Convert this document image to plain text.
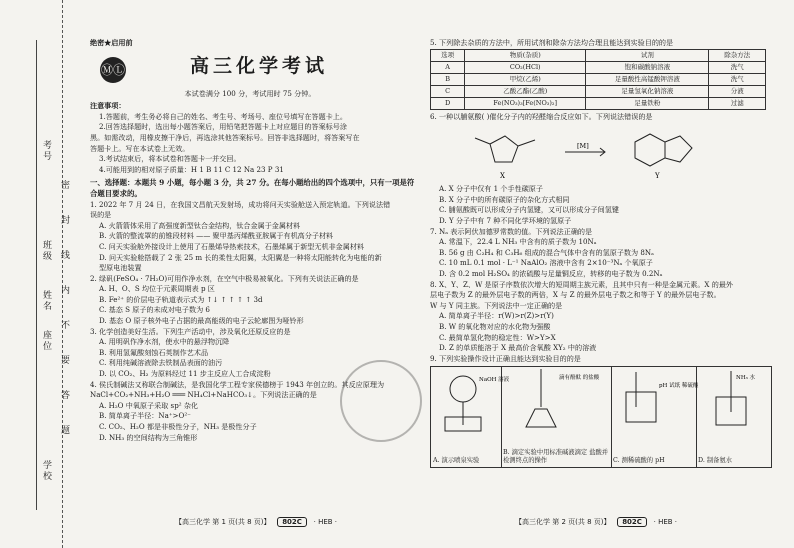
考号
班级
姓名
座位
学校
密
封
线
内
不
要
答
题

绝密★启用前

ⓂⓁ	高三化学考试

本试卷满分 100 分，考试用时 75 分钟。

注意事项：

1.答题前，考生务必将自己的姓名、考生号、考场号、座位号填写在答题卡上。

2.回答选择题时，选出每小题答案后，用铅笔把答题卡上对应题目的答案标号涂

黑。如需改动，用橡皮擦干净后，再选涂其他答案标号。回答非选择题时，将答案写在

答题卡上。写在本试卷上无效。

3.考试结束后，将本试卷和答题卡一并交回。

4.可能用到的相对原子质量：H 1 B 11 C 12 Na 23 P 31

一、选择题：本题共 9 小题，每小题 3 分，共 27 分。在每小题给出的四个选项中，只有一项是符

合题目要求的。

1. 2022 年 7 月 24 日，在我国文昌航天发射场，成功将问天实验舱送入预定轨道。下列说法错

误的是

A. 火箭箭体采用了高强度新型钛合金结构，钛合金属于金属材料

B. 火箭的整流罩的前锥段材料 —— 聚甲基丙烯酰亚胺属于有机高分子材料

C. 问天实验舱外接设计上使用了石墨烯导热索技术，石墨烯属于新型无机非金属材料

D. 问天实验舱搭载了 2 张 25 m 长的柔性太阳翼，太阳翼是一种将太阳能转化为电能的新

型原电池装置

2. 绿矾(FeSO₄ · 7H₂O)可用作净水剂，在空气中极易被氧化。下列有关说法正确的是

A. H、O、S 均位于元素周期表 p 区

B. Fe²⁺ 的价层电子轨道表示式为 ↑↓ ↑ ↑ ↑ ↑ 3d

C. 基态 S 原子的未成对电子数为 6

D. 基态 O 原子核外电子占据的最高能级的电子云轮廓图为哑铃形

3. 化学创造美好生活。下列生产活动中，涉及氧化还原反应的是

A. 用明矾作净水剂，使水中的悬浮物沉降

B. 利用氢氟酸刻蚀石英制作艺术品

C. 利用纯碱溶液除去铁制品表面的油污

D. 以 CO₂、H₂ 为原料经过 11 步主反应人工合成淀粉

4. 侯氏制碱法又称联合制碱法，是我国化学工程专家侯德榜于 1943 年创立的。其反应原理为

NaCl+CO₂+NH₃+H₂O ═══ NH₄Cl+NaHCO₃↓。下列说法正确的是

A. H₂O 中氧原子采取 sp² 杂化

B. 简单离子半径：Na⁺>O²⁻

C. CO₂、H₂O 都是非极性分子，NH₃ 是极性分子

D. NH₃ 的空间结构为三角锥形

【高三化学 第 1 页(共 8 页)】 802C · HEB ·

5. 下列除去杂质的方法中，所用试剂和除杂方法均合理且能达到实验目的的是

选项	物质(杂质)	试剂	除杂方法
A	CO₂(HCl)	饱和碳酸钠溶液	洗气
B	甲烷(乙烯)	足量酸性高锰酸钾溶液	洗气
C	乙酸乙酯(乙酸)	足量氢氧化钠溶液	分液
D	Fe(NO₃)₃[Fe(NO₃)₂]	足量铁粉	过滤

6. 一种以脯氨酸( )催化分子内的羟醛缩合反应如下。下列说法错误的是

X
[M]
Y

A. X 分子中仅有 1 个手性碳原子

B. X 分子中的所有碳原子的杂化方式相同

C. 脯氨酸既可以形成分子内氢键，又可以形成分子间氢键

D. Y 分子中有 7 种不同化学环境的氢原子

7. Nₐ 表示阿伏加德罗常数的值。下列说法正确的是

A. 常温下，22.4 L NH₃ 中含有的质子数为 10Nₐ

B. 56 g 由 C₂H₄ 和 C₃H₆ 组成的混合气体中含有的氢原子数为 8Nₐ

C. 10 mL 0.1 mol · L⁻¹ NaAlO₂ 溶液中含有 2×10⁻³Nₐ 个氧原子

D. 含 0.2 mol H₂SO₄ 的浓硫酸与足量铜反应，转移的电子数为 0.2Nₐ

8. X、Y、Z、W 是原子序数依次增大的短周期主族元素，且其中只有一种是金属元素。X 的最外

层电子数为 Z 的最外层电子数的两倍，X 与 Z 的最外层电子数之和等于 Y 的最外层电子数。

W 与 Y 同主族。下列说法中一定正确的是

A. 简单离子半径：r(W)>r(Z)>r(Y)

B. W 的氧化物对应的水化物为强酸

C. 最简单氢化物的稳定性：W>Y>X

D. Z 的单质能溶于 X 最高价含氧酸 XY₂ 中的溶液

9. 下列实验操作设计正确且能达到实验目的的是

NaOH 溶液
A. 演示喷泉实验
滴有酚酞 的盐酸
B. 滴定实验中用标准碱液滴定 盐酸并检测终点的操作
pH 试纸 稀硫酸
C. 测稀硫酸的 pH
NH₃ 水
D. 制备氨水
【高三化学 第 2 页(共 8 页)】 802C · HEB ·
